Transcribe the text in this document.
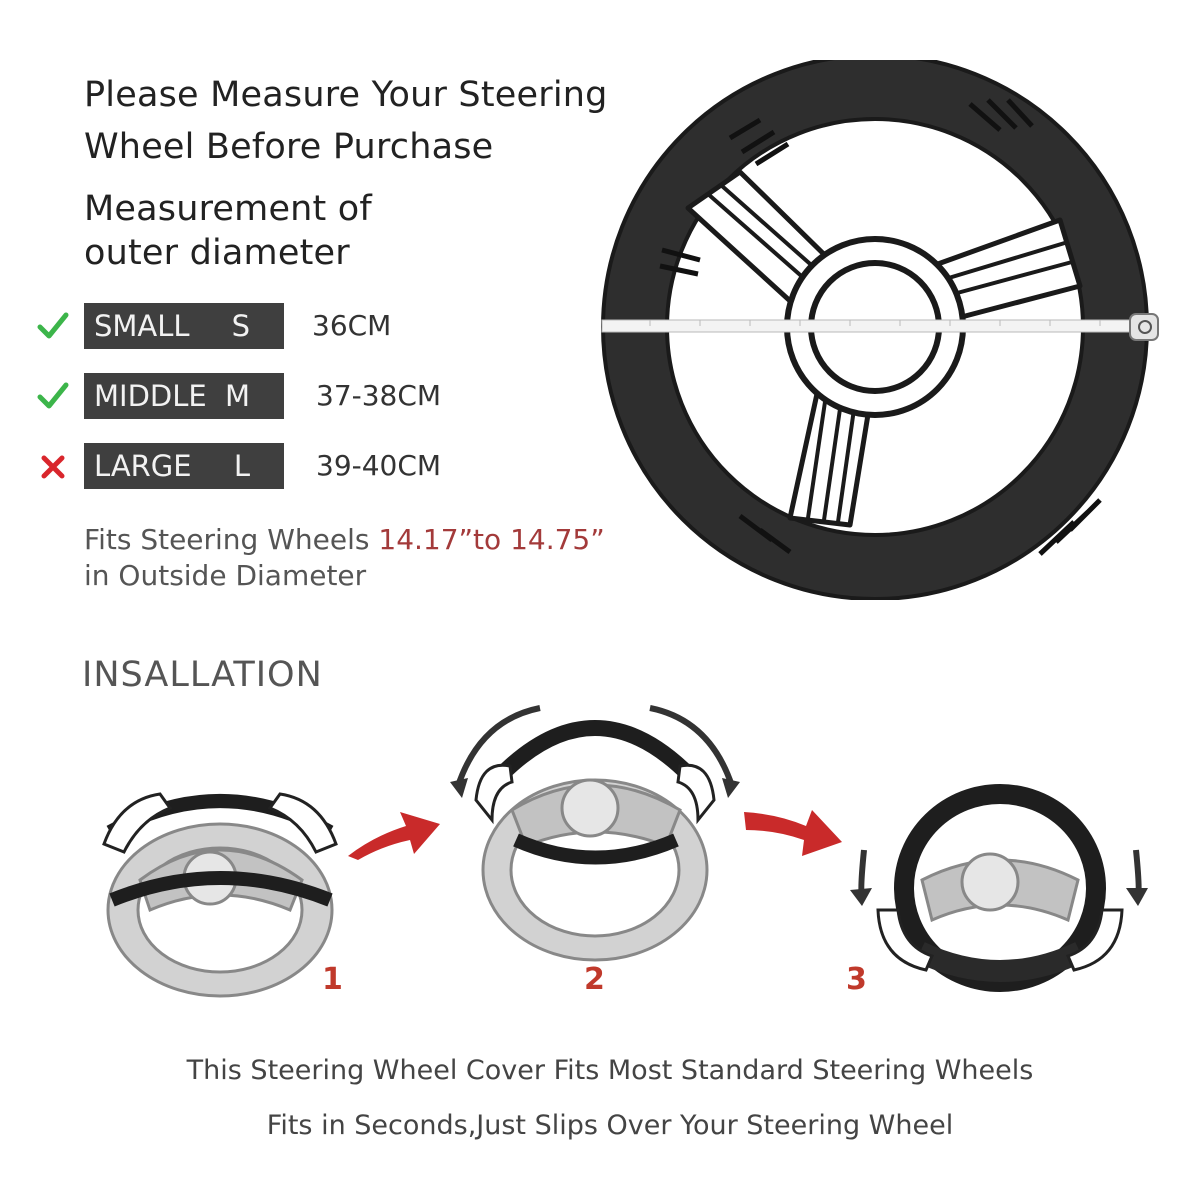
Please Measure Your Steering
Wheel Before Purchase
Measurement of
outer diameter
SMALL S 36CM
MIDDLE M 37-38CM
LARGE L 39-40CM
Fits Steering Wheels 14.17”to 14.75”
in Outside Diameter
INSALLATION
1	2	3
This Steering Wheel Cover Fits Most Standard Steering Wheels
Fits in Seconds,Just Slips Over Your Steering Wheel
